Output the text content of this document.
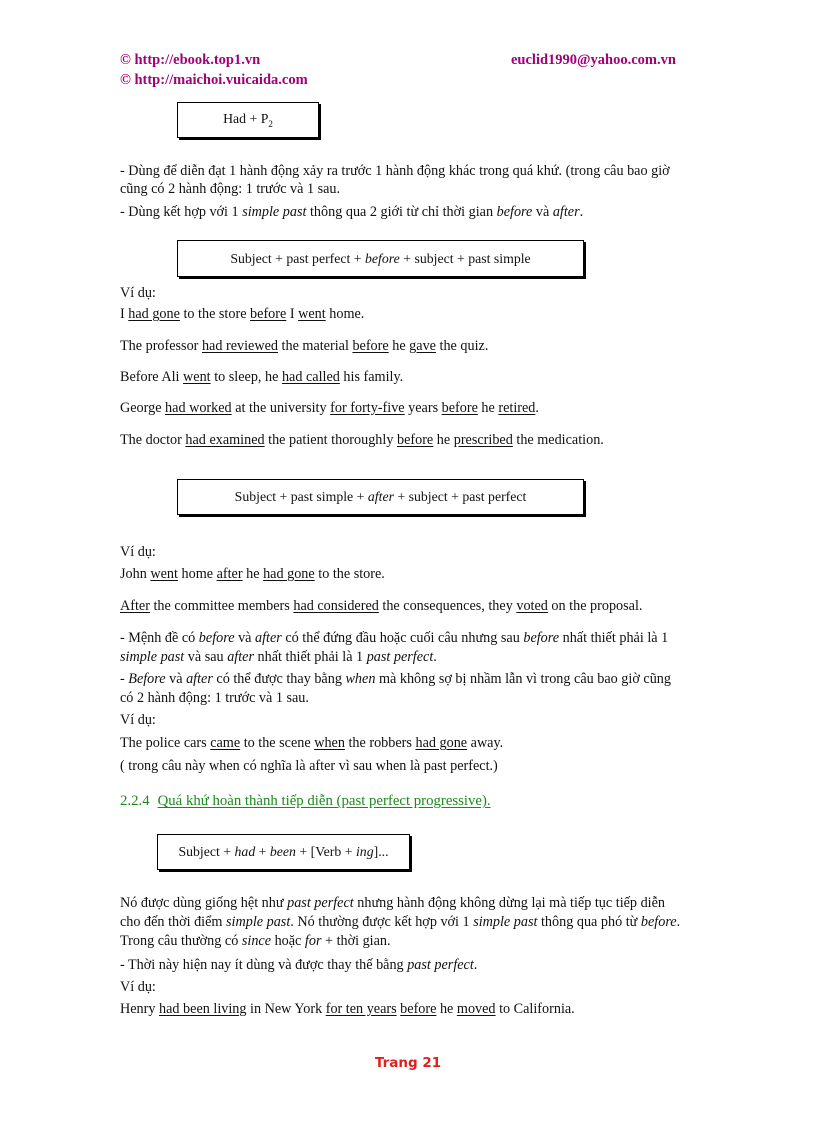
© http://ebook.top1.vn
© http://maichoi.vuicaida.com
euclid1990@yahoo.com.vn
Had + $P_2$
- Dùng để diễn đạt 1 hành động xảy ra trước 1 hành động khác trong quá khứ. (trong câu bao giờ
cũng có 2 hành động: 1 trước và 1 sau.
- Dùng kết hợp với 1 simple past thông qua 2 giới từ chỉ thời gian before và after.
Subject + past perfect + before + subject + past simple
Ví dụ:
I had gone to the store before I went home.
The professor had reviewed the material before he gave the quiz.
Before Ali went to sleep, he had called his family.
George had worked at the university for forty-five years before he retired.
The doctor had examined the patient thoroughly before he prescribed the medication.
Subject + past simple + after + subject + past perfect
Ví dụ:
John went home after he had gone to the store.
After the committee members had considered the consequences, they voted on the proposal.
- Mệnh đề có before và after có thể đứng đầu hoặc cuối câu nhưng sau before nhất thiết phải là 1
simple past và sau after nhất thiết phải là 1 past perfect.
- Before và after có thể được thay bằng when mà không sợ bị nhầm lẫn vì trong câu bao giờ cũng
có 2 hành động: 1 trước và 1 sau.
Ví dụ:
The police cars came to the scene when the robbers had gone away.
( trong câu này when có nghĩa là after vì sau when là past perfect.)
2.2.4 Quá khứ hoàn thành tiếp diễn (past perfect progressive).
Subject + had + been + [Verb + ing]...
Nó được dùng giống hệt như past perfect nhưng hành động không dừng lại mà tiếp tục tiếp diễn
cho đến thời điểm simple past. Nó thường được kết hợp với 1 simple past thông qua phó từ before.
Trong câu thường có since hoặc for + thời gian.
- Thời này hiện nay ít dùng và được thay thế bằng past perfect.
Ví dụ:
Henry had been living in New York for ten years before he moved to California.
Trang 21
